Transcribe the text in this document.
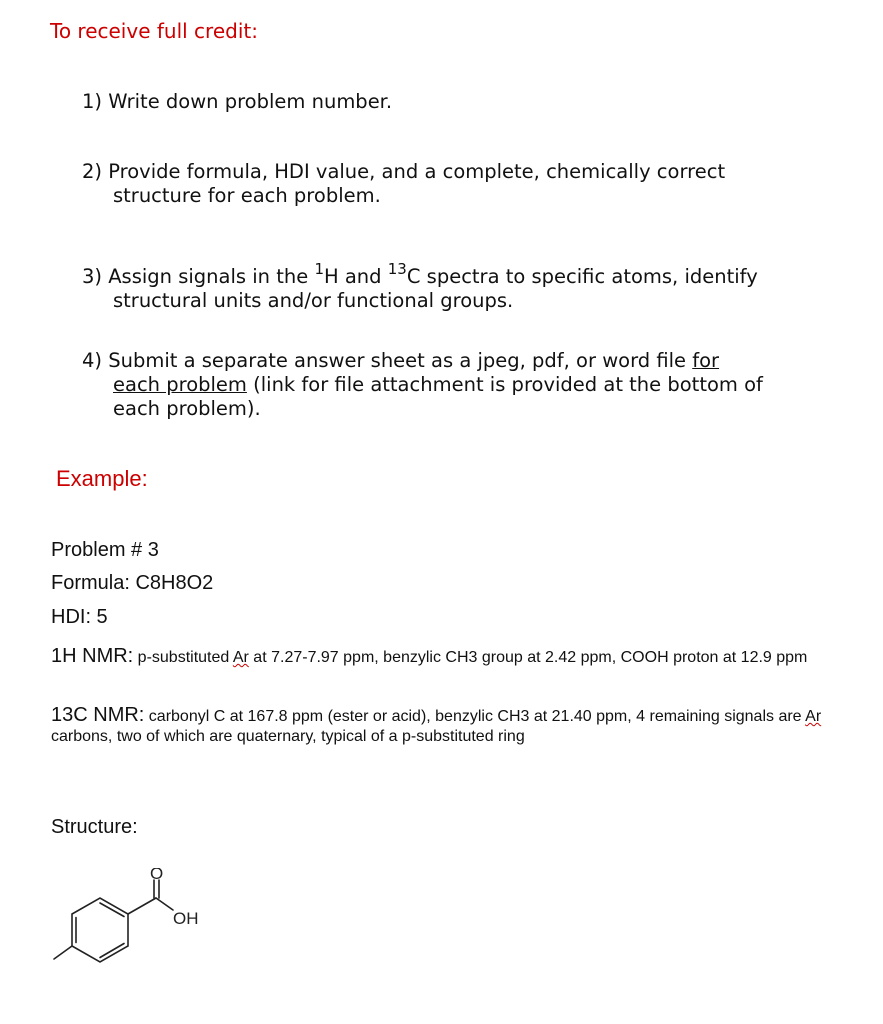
To receive full credit:
1) Write down problem number.
2) Provide formula, HDI value, and a complete, chemically correct
structure for each problem.
3) Assign signals in the $^1$H and $^{13}$C spectra to specific atoms, identify
structural units and/or functional groups.
4) Submit a separate answer sheet as a jpeg, pdf, or word file for
each problem (link for file attachment is provided at the bottom of
each problem).
Example:
Problem # 3
Formula: C8H8O2
HDI: 5
1H NMR: p-substituted Ar at 7.27-7.97 ppm, benzylic CH3 group at 2.42 ppm, COOH proton at 12.9 ppm
13C NMR: carbonyl C at 167.8 ppm (ester or acid), benzylic CH3 at 21.40 ppm, 4 remaining signals are Ar carbons, two of which are quaternary, typical of a p-substituted ring
Structure:
O
OH
